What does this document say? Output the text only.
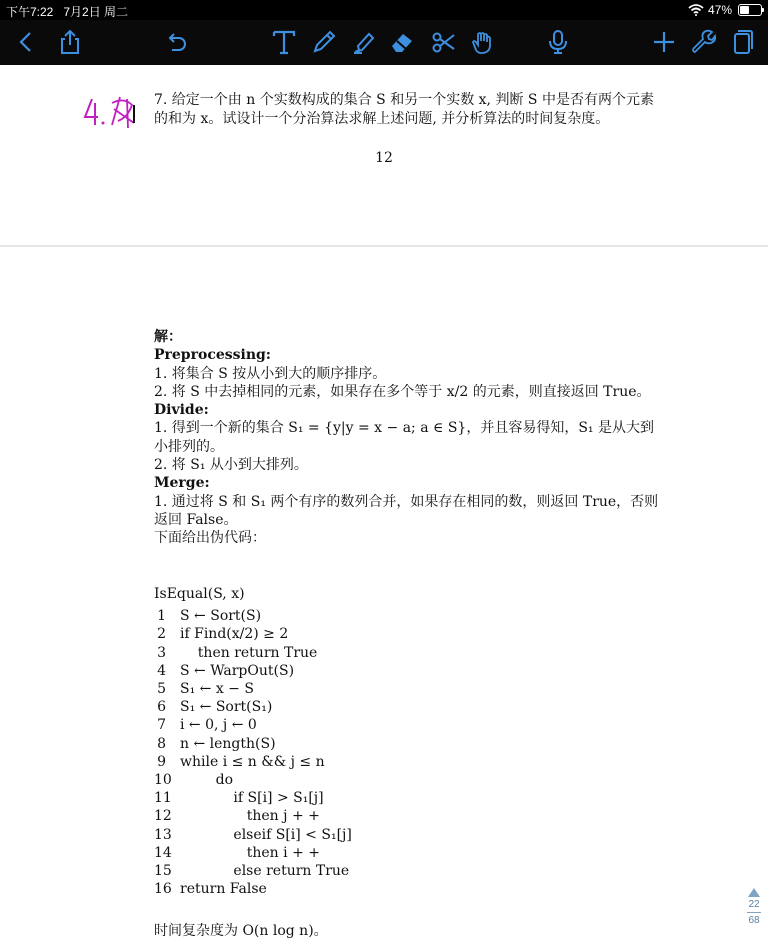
下午7:22 7月2日 周二	47%
7. 给定一个由 n 个实数构成的集合 S 和另一个实数 x, 判断 S 中是否有两个元素的和为 x。试设计一个分治算法求解上述问题, 并分析算法的时间复杂度。
12
解：
Preprocessing:
1. 将集合 S 按从小到大的顺序排序。
2. 将 S 中去掉相同的元素，如果存在多个等于 x/2 的元素，则直接返回 True。
Divide:
1. 得到一个新的集合 S₁ = {y|y = x − a; a ∈ S}，并且容易得知，S₁ 是从大到小排列的。
2. 将 S₁ 从小到大排列。
Merge:
1. 通过将 S 和 S₁ 两个有序的数列合并，如果存在相同的数，则返回 True，否则返回 False。
下面给出伪代码：
IsEqual(S, x)
1 S ← Sort(S)
2 if Find(x/2) ≥ 2
3 then return True
4 S ← WarpOut(S)
5 S₁ ← x − S
6 S₁ ← Sort(S₁)
7 i ← 0, j ← 0
8 n ← length(S)
9 while i ≤ n && j ≤ n
10 do
11 if S[i] > S₁[j]
12 then j + +
13 elseif S[i] < S₁[j]
14 then i + +
15 else return True
16 return False
时间复杂度为 O(n log n)。
22
68
